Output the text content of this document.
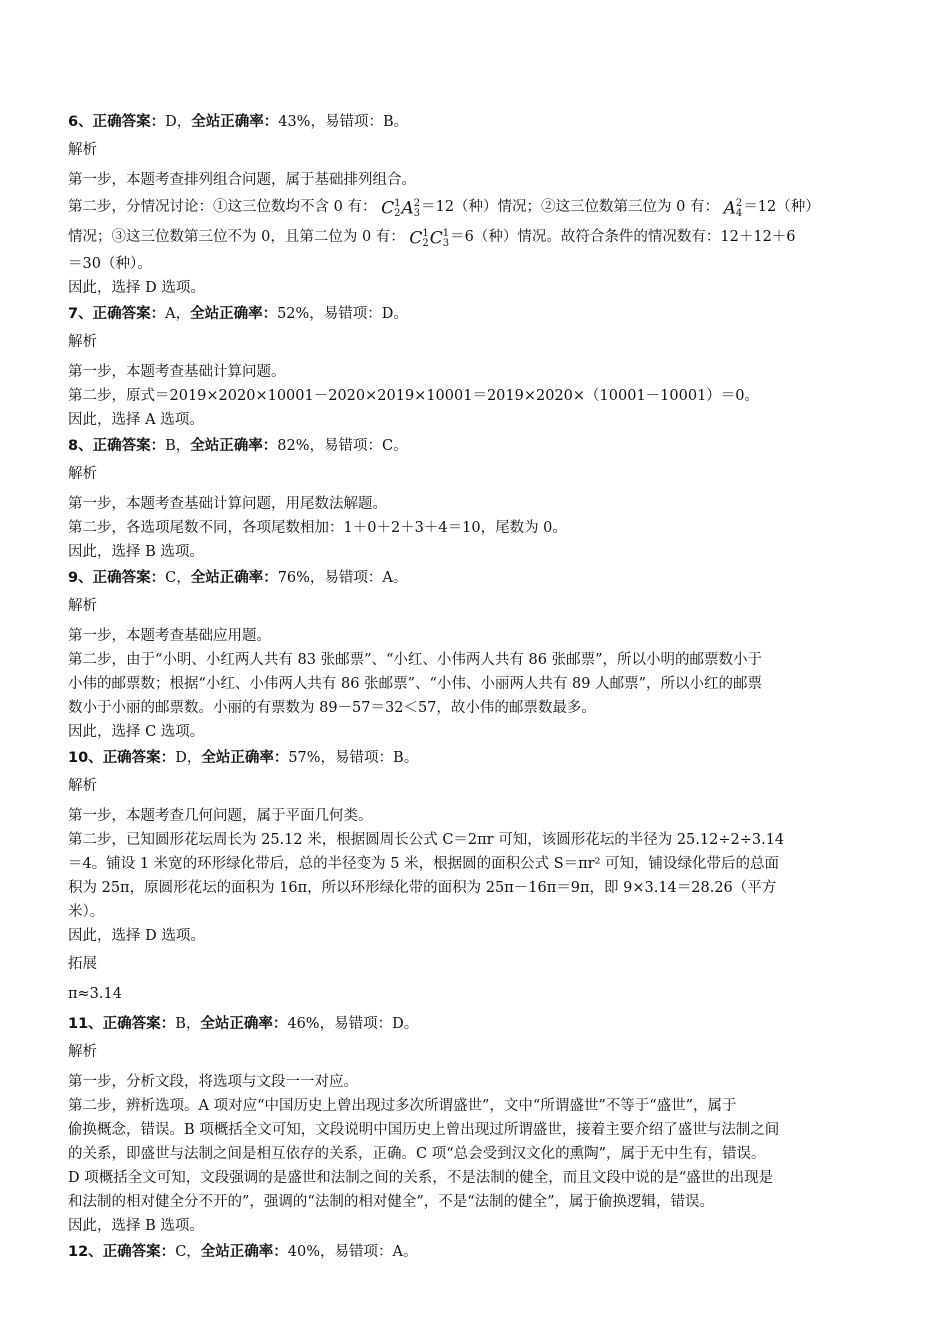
6、正确答案：D，全站正确率：43%，易错项：B。
解析
第一步，本题考查排列组合问题，属于基础排列组合。
第二步，分情况讨论：①这三位数均不含 0 有： C 1
2 A 2
3 ＝12（种）情况；②这三位数第三位为 0 有： A 2
4 ＝12（种）
情况；③这三位数第三位不为 0，且第二位为 0 有： C 1
2 C 1
3 ＝6（种）情况。故符合条件的情况数有：12＋12＋6
＝30（种）。
因此，选择 D 选项。
7、正确答案：A，全站正确率：52%，易错项：D。
解析
第一步，本题考查基础计算问题。
第二步，原式＝2019×2020×10001－2020×2019×10001＝2019×2020×（10001－10001）＝0。
因此，选择 A 选项。
8、正确答案：B，全站正确率：82%，易错项：C。
解析
第一步，本题考查基础计算问题，用尾数法解题。
第二步，各选项尾数不同，各项尾数相加：1＋0＋2＋3＋4＝10，尾数为 0。
因此，选择 B 选项。
9、正确答案：C，全站正确率：76%，易错项：A。
解析
第一步，本题考查基础应用题。
第二步，由于“小明、小红两人共有 83 张邮票”、“小红、小伟两人共有 86 张邮票”，所以小明的邮票数小于
小伟的邮票数；根据“小红、小伟两人共有 86 张邮票”、“小伟、小丽两人共有 89 人邮票”，所以小红的邮票
数小于小丽的邮票数。小丽的有票数为 89－57＝32＜57，故小伟的邮票数最多。
因此，选择 C 选项。
10、正确答案：D，全站正确率：57%，易错项：B。
解析
第一步，本题考查几何问题，属于平面几何类。
第二步，已知圆形花坛周长为 25.12 米，根据圆周长公式 C＝2πr 可知，该圆形花坛的半径为 25.12÷2÷3.14
＝4。铺设 1 米宽的环形绿化带后，总的半径变为 5 米，根据圆的面积公式 S＝πr² 可知，铺设绿化带后的总面
积为 25π，原圆形花坛的面积为 16π，所以环形绿化带的面积为 25π－16π＝9π，即 9×3.14＝28.26（平方
米）。
因此，选择 D 选项。
拓展
π≈3.14
11、正确答案：B，全站正确率：46%，易错项：D。
解析
第一步，分析文段，将选项与文段一一对应。
第二步，辨析选项。A 项对应“中国历史上曾出现过多次所谓盛世”，文中“所谓盛世”不等于“盛世”，属于
偷换概念，错误。B 项概括全文可知，文段说明中国历史上曾出现过所谓盛世，接着主要介绍了盛世与法制之间
的关系，即盛世与法制之间是相互依存的关系，正确。C 项“总会受到汉文化的熏陶”，属于无中生有，错误。
D 项概括全文可知，文段强调的是盛世和法制之间的关系，不是法制的健全，而且文段中说的是“盛世的出现是
和法制的相对健全分不开的”，强调的“法制的相对健全”，不是“法制的健全”，属于偷换逻辑，错误。
因此，选择 B 选项。
12、正确答案：C，全站正确率：40%，易错项：A。
